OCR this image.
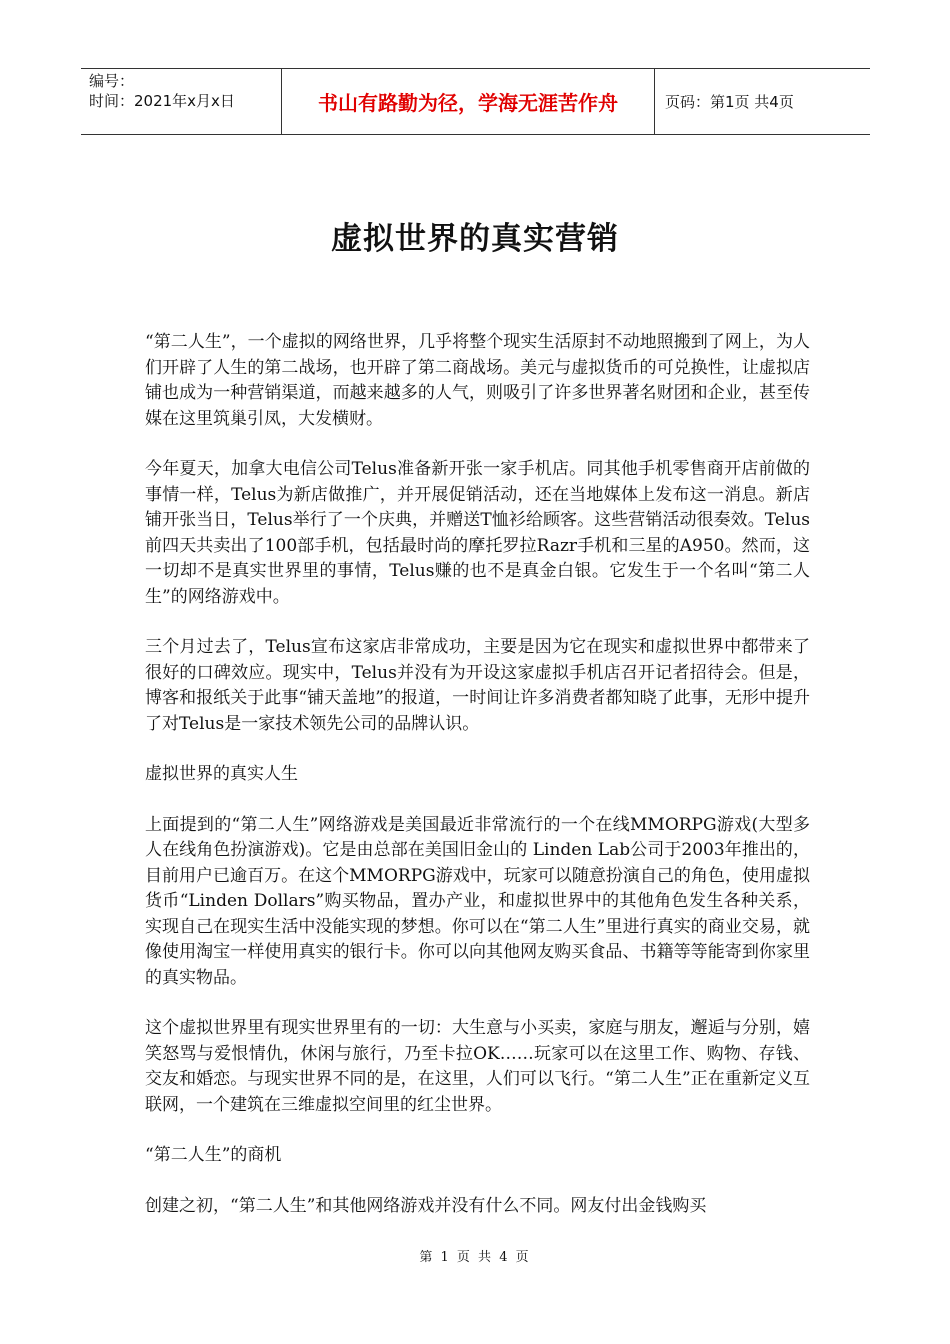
编号：
时间：2021年x月x日	书山有路勤为径，学海无涯苦作舟	页码：第1页 共4页
虚拟世界的真实营销

“第二人生”，一个虚拟的网络世界，几乎将整个现实生活原封不动地照搬到了网上，为人们开辟了人生的第二战场，也开辟了第二商战场。美元与虚拟货币的可兑换性，让虚拟店铺也成为一种营销渠道，而越来越多的人气，则吸引了许多世界著名财团和企业，甚至传媒在这里筑巢引凤，大发横财。

今年夏天，加拿大电信公司Telus准备新开张一家手机店。同其他手机零售商开店前做的事情一样，Telus为新店做推广，并开展促销活动，还在当地媒体上发布这一消息。新店铺开张当日，Telus举行了一个庆典，并赠送T恤衫给顾客。这些营销活动很奏效。Telus前四天共卖出了100部手机，包括最时尚的摩托罗拉Razr手机和三星的A950。然而，这一切却不是真实世界里的事情，Telus赚的也不是真金白银。它发生于一个名叫“第二人生”的网络游戏中。

三个月过去了，Telus宣布这家店非常成功，主要是因为它在现实和虚拟世界中都带来了很好的口碑效应。现实中，Telus并没有为开设这家虚拟手机店召开记者招待会。但是，博客和报纸关于此事“铺天盖地”的报道，一时间让许多消费者都知晓了此事，无形中提升了对Telus是一家技术领先公司的品牌认识。

虚拟世界的真实人生

上面提到的“第二人生”网络游戏是美国最近非常流行的一个在线MMORPG游戏(大型多人在线角色扮演游戏)。它是由总部在美国旧金山的 Linden Lab公司于2003年推出的，目前用户已逾百万。在这个MMORPG游戏中，玩家可以随意扮演自己的角色，使用虚拟货币“Linden Dollars”购买物品，置办产业，和虚拟世界中的其他角色发生各种关系，实现自己在现实生活中没能实现的梦想。你可以在“第二人生”里进行真实的商业交易，就像使用淘宝一样使用真实的银行卡。你可以向其他网友购买食品、书籍等等能寄到你家里的真实物品。

这个虚拟世界里有现实世界里有的一切：大生意与小买卖，家庭与朋友，邂逅与分别，嬉笑怒骂与爱恨情仇，休闲与旅行，乃至卡拉OK……玩家可以在这里工作、购物、存钱、交友和婚恋。与现实世界不同的是，在这里，人们可以飞行。“第二人生”正在重新定义互联网，一个建筑在三维虚拟空间里的红尘世界。

“第二人生”的商机

创建之初，“第二人生”和其他网络游戏并没有什么不同。网友付出金钱购买

第 1 页 共 4 页
